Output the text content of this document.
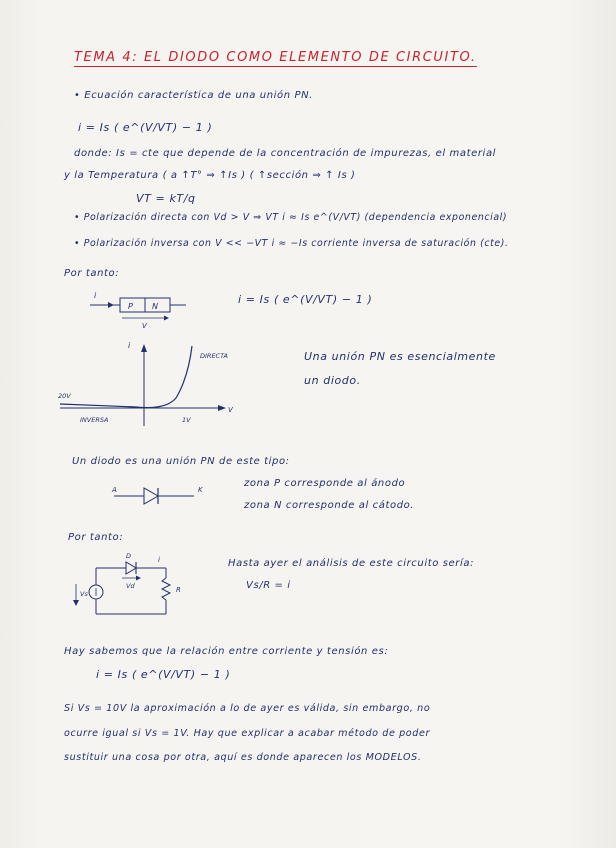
TEMA 4: EL DIODO COMO ELEMENTO DE CIRCUITO.
• Ecuación característica de una unión PN.
i = Is ( e^(V/VT) − 1 )
donde: Is = cte que depende de la concentración de impurezas, el material
y la Temperatura ( a ↑T° ⇒ ↑Is ) ( ↑sección ⇒ ↑ Is )
VT = kT/q
• Polarización directa con Vd > V ⇒ VT i ≈ Is e^(V/VT) (dependencia exponencial)
• Polarización inversa con V << −VT i ≈ −Is corriente inversa de saturación (cte).
Por tanto:
i
P N
V
i = Is ( e^(V/VT) − 1 )
i
V
DIRECTA
INVERSA
20V
1V
Una unión PN es esencialmente
un diodo.
Un diodo es una unión PN de este tipo:
A	K
zona P corresponde al ánodo
zona N corresponde al cátodo.
Por tanto:
D	i
Vd
Vs	R
Hasta ayer el análisis de este circuito sería:
Vs/R = i
Hay sabemos que la relación entre corriente y tensión es:
i = Is ( e^(V/VT) − 1 )
Si Vs = 10V la aproximación a lo de ayer es válida, sin embargo, no
ocurre igual si Vs = 1V. Hay que explicar a acabar método de poder
sustituir una cosa por otra, aquí es donde aparecen los MODELOS.
